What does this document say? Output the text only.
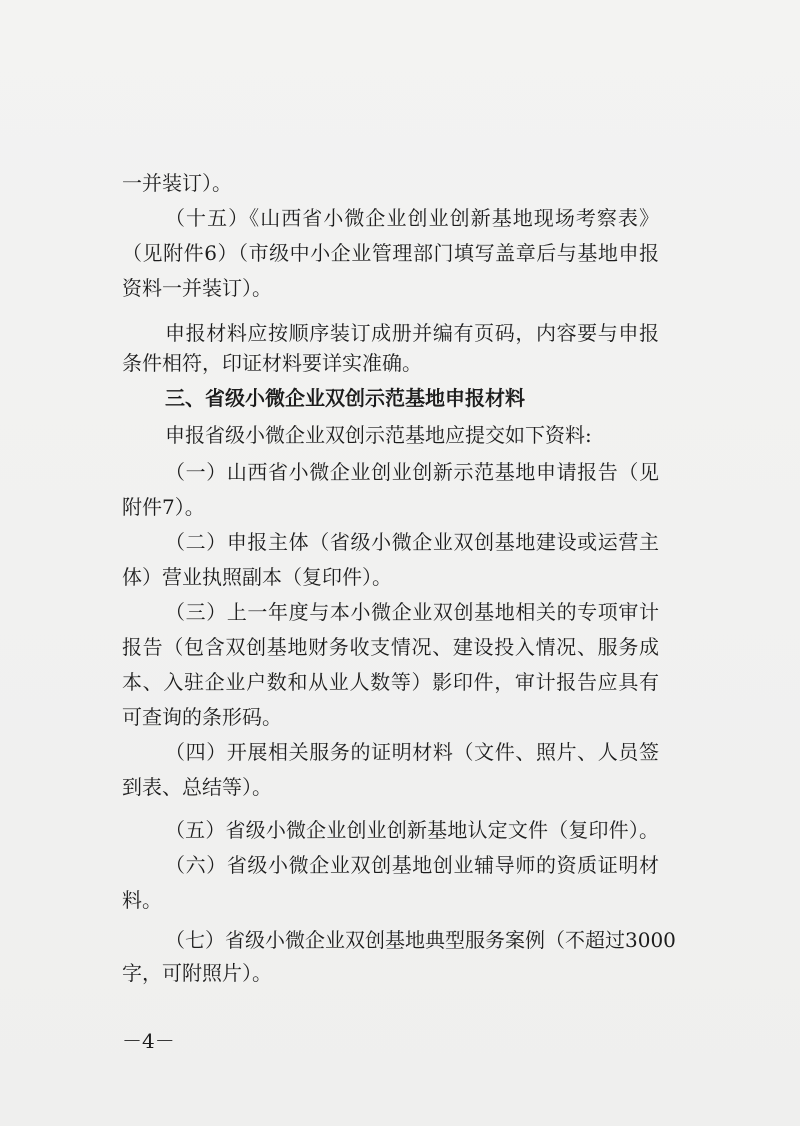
一并装订）。
（十五）《山西省小微企业创业创新基地现场考察表》
（见附件6）（市级中小企业管理部门填写盖章后与基地申报
资料一并装订）。
申报材料应按顺序装订成册并编有页码，内容要与申报
条件相符，印证材料要详实准确。
三、省级小微企业双创示范基地申报材料
申报省级小微企业双创示范基地应提交如下资料:
（一）山西省小微企业创业创新示范基地申请报告（见
附件7）。
（二）申报主体（省级小微企业双创基地建设或运营主
体）营业执照副本（复印件）。
（三）上一年度与本小微企业双创基地相关的专项审计
报告（包含双创基地财务收支情况、建设投入情况、服务成
本、入驻企业户数和从业人数等）影印件，审计报告应具有
可查询的条形码。
（四）开展相关服务的证明材料（文件、照片、人员签
到表、总结等）。
（五）省级小微企业创业创新基地认定文件（复印件）。
（六）省级小微企业双创基地创业辅导师的资质证明材
料。
（七）省级小微企业双创基地典型服务案例（不超过3000
字，可附照片）。
－4－
